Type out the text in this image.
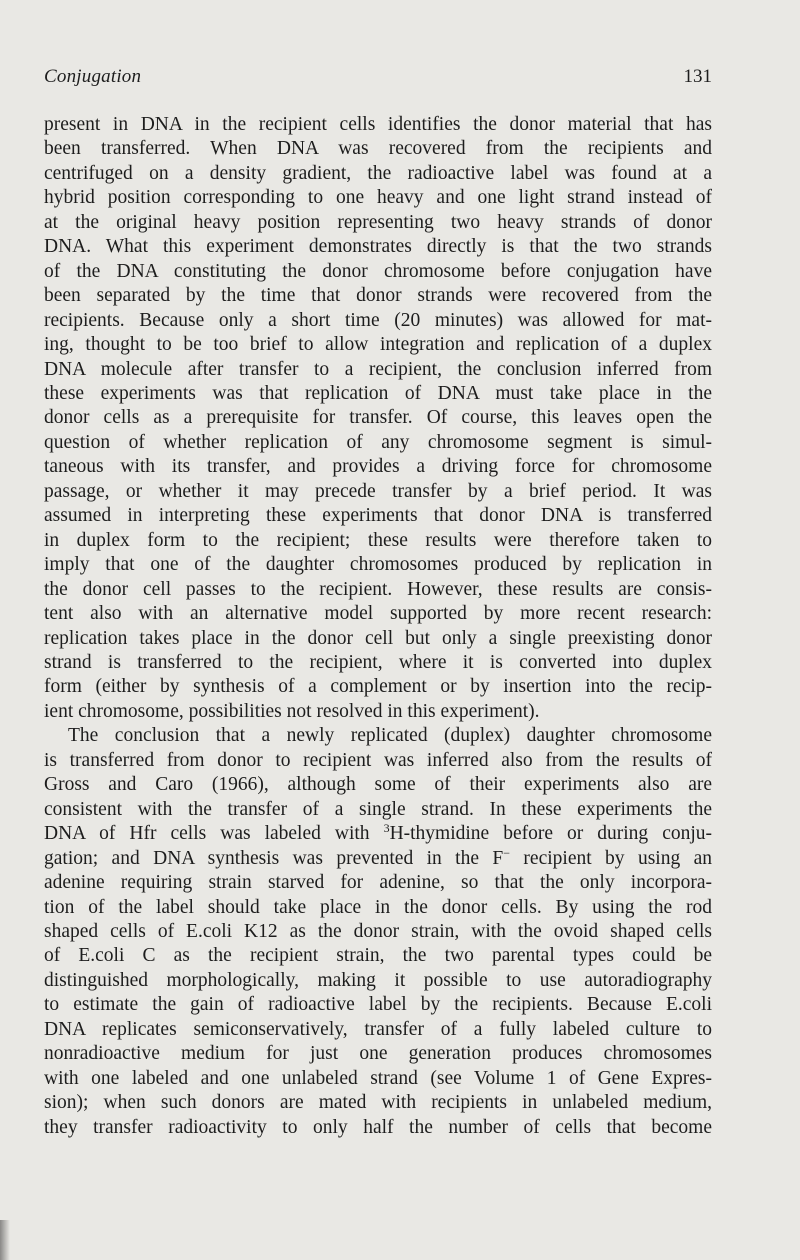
Conjugation	131
present in DNA in the recipient cells identifies the donor material that has
been transferred. When DNA was recovered from the recipients and
centrifuged on a density gradient, the radioactive label was found at a
hybrid position corresponding to one heavy and one light strand instead of
at the original heavy position representing two heavy strands of donor
DNA. What this experiment demonstrates directly is that the two strands
of the DNA constituting the donor chromosome before conjugation have
been separated by the time that donor strands were recovered from the
recipients. Because only a short time (20 minutes) was allowed for mat-
ing, thought to be too brief to allow integration and replication of a duplex
DNA molecule after transfer to a recipient, the conclusion inferred from
these experiments was that replication of DNA must take place in the
donor cells as a prerequisite for transfer. Of course, this leaves open the
question of whether replication of any chromosome segment is simul-
taneous with its transfer, and provides a driving force for chromosome
passage, or whether it may precede transfer by a brief period. It was
assumed in interpreting these experiments that donor DNA is transferred
in duplex form to the recipient; these results were therefore taken to
imply that one of the daughter chromosomes produced by replication in
the donor cell passes to the recipient. However, these results are consis-
tent also with an alternative model supported by more recent research:
replication takes place in the donor cell but only a single preexisting donor
strand is transferred to the recipient, where it is converted into duplex
form (either by synthesis of a complement or by insertion into the recip-
ient chromosome, possibilities not resolved in this experiment).
The conclusion that a newly replicated (duplex) daughter chromosome
is transferred from donor to recipient was inferred also from the results of
Gross and Caro (1966), although some of their experiments also are
consistent with the transfer of a single strand. In these experiments the
DNA of Hfr cells was labeled with $^3$H-thymidine before or during conju-
gation; and DNA synthesis was prevented in the F− recipient by using an
adenine requiring strain starved for adenine, so that the only incorpora-
tion of the label should take place in the donor cells. By using the rod
shaped cells of E.coli K12 as the donor strain, with the ovoid shaped cells
of E.coli C as the recipient strain, the two parental types could be
distinguished morphologically, making it possible to use autoradiography
to estimate the gain of radioactive label by the recipients. Because E.coli
DNA replicates semiconservatively, transfer of a fully labeled culture to
nonradioactive medium for just one generation produces chromosomes
with one labeled and one unlabeled strand (see Volume 1 of Gene Expres-
sion); when such donors are mated with recipients in unlabeled medium,
they transfer radioactivity to only half the number of cells that become
